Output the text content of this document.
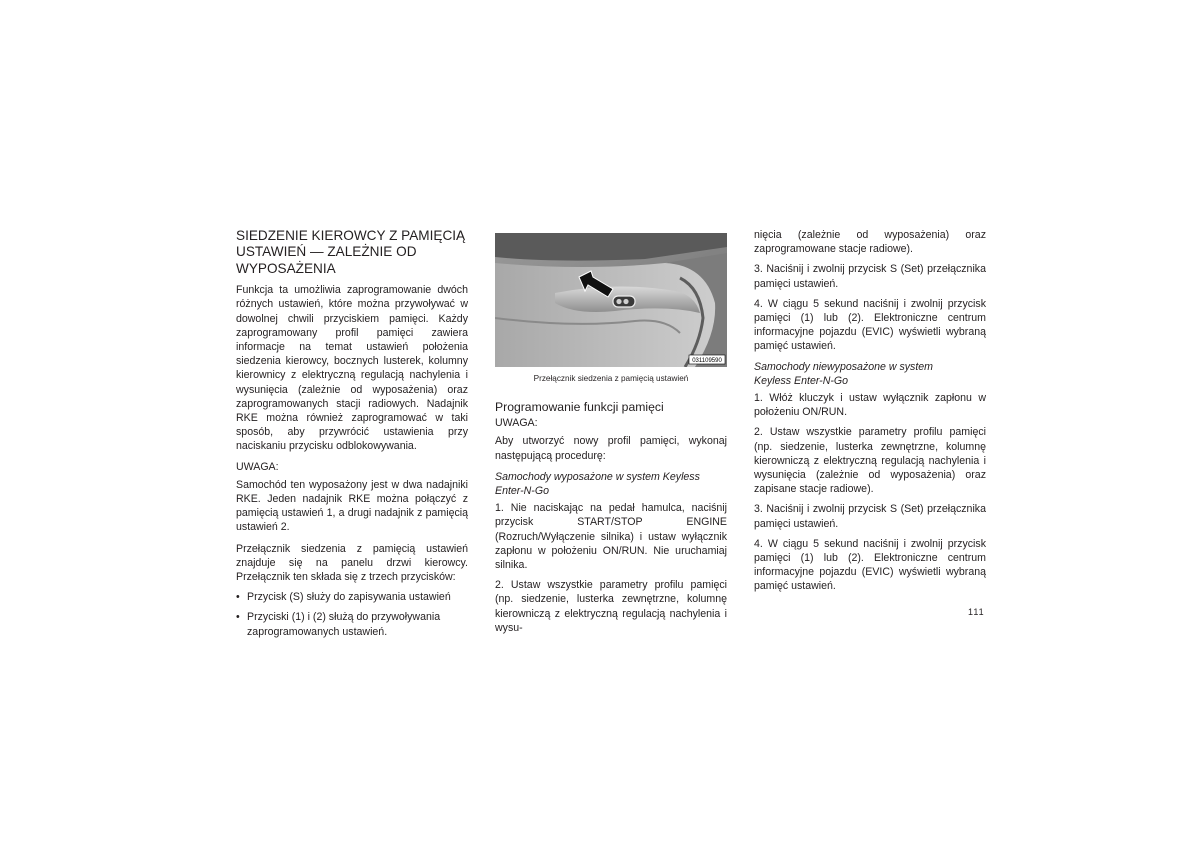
SIEDZENIE KIEROWCY Z PAMIĘCIĄ
USTAWIEŃ — ZALEŻNIE OD
WYPOSAŻENIA

Funkcja ta umożliwia zaprogramowanie dwóch różnych ustawień, które można przywoływać w dowolnej chwili przyciskiem pamięci. Każdy zaprogramowany profil pamięci zawiera informacje na temat ustawień położenia siedzenia kierowcy, bocznych lusterek, kolumny kierownicy z elektryczną regulacją nachylenia i wysunięcia (zależnie od wyposażenia) oraz zaprogramowanych stacji radiowych. Nadajnik RKE można również zaprogramować w taki sposób, aby przywrócić ustawienia przy naciskaniu przycisku odblokowywania.

UWAGA:

Samochód ten wyposażony jest w dwa nadajniki RKE. Jeden nadajnik RKE można połączyć z pamięcią ustawień 1, a drugi nadajnik z pamięcią ustawień 2.

Przełącznik siedzenia z pamięcią ustawień znajduje się na panelu drzwi kierowcy. Przełącznik ten składa się z trzech przycisków:

• Przycisk (S) służy do zapisywania ustawień
• Przyciski (1) i (2) służą do przywoływania zaprogramowanych ustawień.
031109590
Przełącznik siedzenia z pamięcią ustawień
Programowanie funkcji pamięci

UWAGA:

Aby utworzyć nowy profil pamięci, wykonaj następującą procedurę:

Samochody wyposażone w system Keyless
Enter-N-Go

1. Nie naciskając na pedał hamulca, naciśnij przycisk START/STOP ENGINE (Rozruch/Wyłączenie silnika) i ustaw wyłącznik zapłonu w położeniu ON/RUN. Nie uruchamiaj silnika.

2. Ustaw wszystkie parametry profilu pamięci (np. siedzenie, lusterka zewnętrzne, kolumnę kierowniczą z elektryczną regulacją nachylenia i wysu-

nięcia (zależnie od wyposażenia) oraz zaprogramowane stacje radiowe).

3. Naciśnij i zwolnij przycisk S (Set) przełącznika pamięci ustawień.

4. W ciągu 5 sekund naciśnij i zwolnij przycisk pamięci (1) lub (2). Elektroniczne centrum informacyjne pojazdu (EVIC) wyświetli wybraną pamięć ustawień.

Samochody niewyposażone w system
Keyless Enter-N-Go

1. Włóż kluczyk i ustaw wyłącznik zapłonu w położeniu ON/RUN.

2. Ustaw wszystkie parametry profilu pamięci (np. siedzenie, lusterka zewnętrzne, kolumnę kierowniczą z elektryczną regulacją nachylenia i wysunięcia (zależnie od wyposażenia) oraz zapisane stacje radiowe).

3. Naciśnij i zwolnij przycisk S (Set) przełącznika pamięci ustawień.

4. W ciągu 5 sekund naciśnij i zwolnij przycisk pamięci (1) lub (2). Elektroniczne centrum informacyjne pojazdu (EVIC) wyświetli wybraną pamięć ustawień.

111
